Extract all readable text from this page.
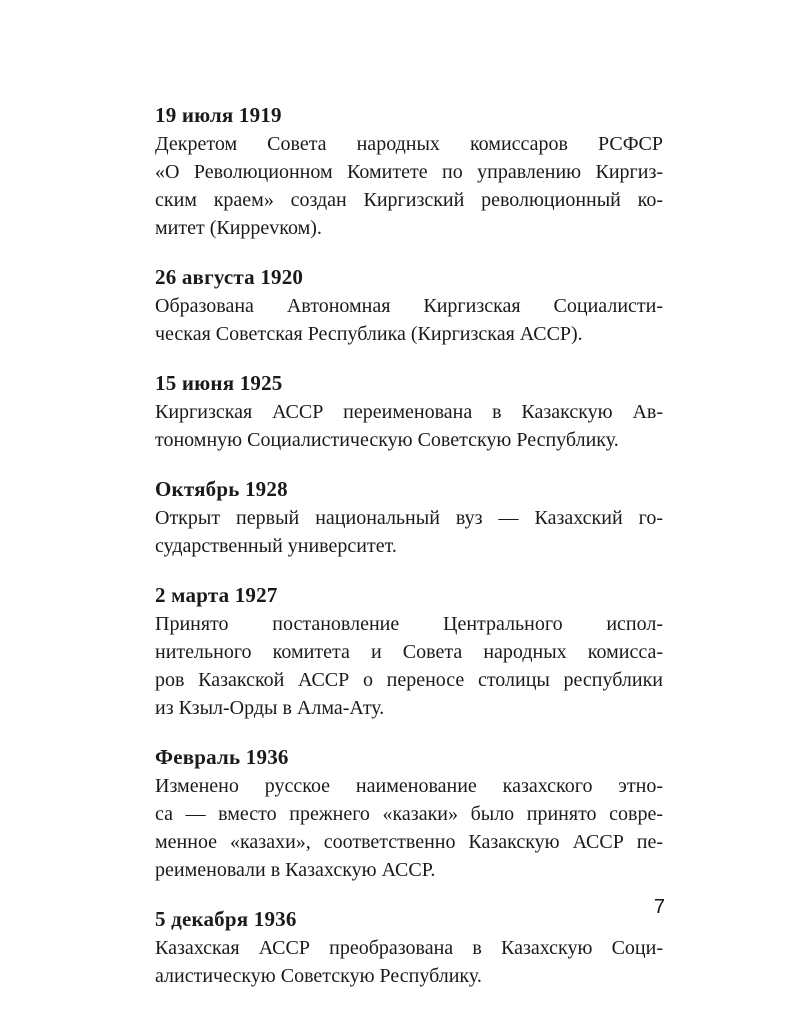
19 июля 1919

Декретом Совета народных комиссаров РСФСР

«О Революционном Комитете по управлению Киргиз-

ским краем» создан Киргизский революционный ко-

митет (Киррevком).

26 августа 1920

Образована Автономная Киргизская Социалисти-

ческая Советская Республика (Киргизская АССР).

15 июня 1925

Киргизская АССР переименована в Казакскую Ав-

тономную Социалистическую Советскую Республику.

Октябрь 1928

Открыт первый национальный вуз — Казахский го-

сударственный университет.

2 марта 1927

Принято постановление Центрального испол-

нительного комитета и Совета народных комисса-

ров Казакской АССР о переносе столицы республики

из Кзыл-Орды в Алма-Ату.

Февраль 1936

Изменено русское наименование казахского этно-

са — вместо прежнего «казаки» было принято совре-

менное «казахи», соответственно Казакскую АССР пе-

реименовали в Казахскую АССР.

5 декабря 1936

Казахская АССР преобразована в Казахскую Соци-

алистическую Советскую Республику.

7
